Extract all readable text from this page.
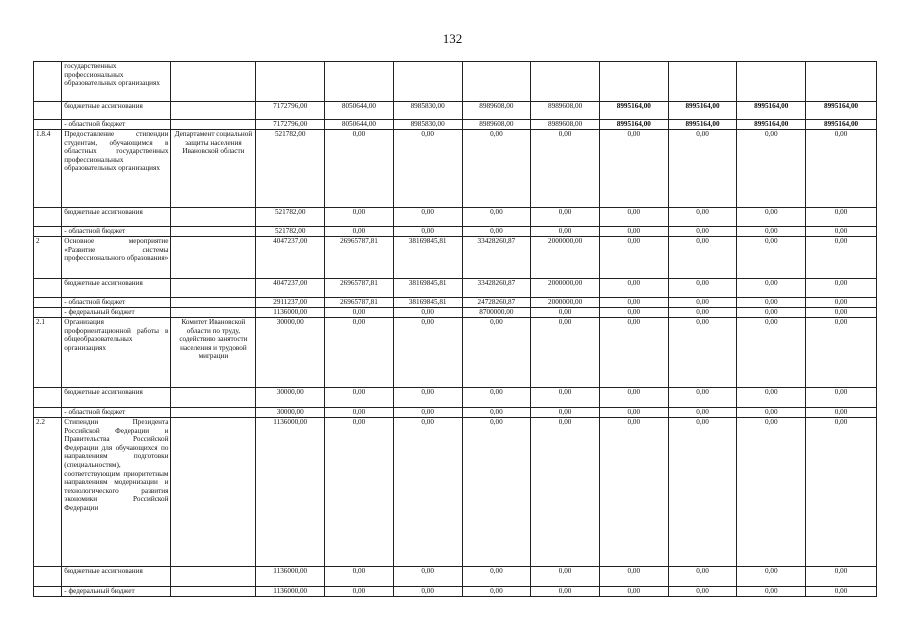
132
	государственных профессиональных образовательных организациях										
	бюджетные ассигнования		7172796,00	8050644,00	8985830,00	8989608,00	8989608,00	8995164,00	8995164,00	8995164,00	8995164,00
	- областной бюджет		7172796,00	8050644,00	8985830,00	8989608,00	8989608,00	8995164,00	8995164,00	8995164,00	8995164,00
1.8.4	Предоставление стипендии студентам, обучающимся в областных государственных профессиональных образовательных организациях	Департамент социальной защиты населения Ивановской области	521782,00	0,00	0,00	0,00	0,00	0,00	0,00	0,00	0,00
	бюджетные ассигнования		521782,00	0,00	0,00	0,00	0,00	0,00	0,00	0,00	0,00
	- областной бюджет		521782,00	0,00	0,00	0,00	0,00	0,00	0,00	0,00	0,00
2	Основное мероприятие «Развитие системы профессионального образования»		4047237,00	26965787,81	38169845,81	33428260,87	2000000,00	0,00	0,00	0,00	0,00
	бюджетные ассигнования		4047237,00	26965787,81	38169845,81	33428260,87	2000000,00	0,00	0,00	0,00	0,00
	- областной бюджет		2911237,00	26965787,81	38169845,81	24728260,87	2000000,00	0,00	0,00	0,00	0,00
	- федеральный бюджет		1136000,00	0,00	0,00	8700000,00	0,00	0,00	0,00	0,00	0,00
2.1	Организация профориентационной работы в общеобразовательных организациях	Комитет Ивановской области по труду, содействию занятости населения и трудовой миграции	30000,00	0,00	0,00	0,00	0,00	0,00	0,00	0,00	0,00
	бюджетные ассигнования		30000,00	0,00	0,00	0,00	0,00	0,00	0,00	0,00	0,00
	- областной бюджет		30000,00	0,00	0,00	0,00	0,00	0,00	0,00	0,00	0,00
2.2	Стипендии Президента Российской Федерации и Правительства Российской Федерации для обучающихся по направлениям подготовки (специальностям), соответствующим приоритетным направлениям модернизации и технологического развития экономики Российской Федерации		1136000,00	0,00	0,00	0,00	0,00	0,00	0,00	0,00	0,00
	бюджетные ассигнования		1136000,00	0,00	0,00	0,00	0,00	0,00	0,00	0,00	0,00
	- федеральный бюджет		1136000,00	0,00	0,00	0,00	0,00	0,00	0,00	0,00	0,00
